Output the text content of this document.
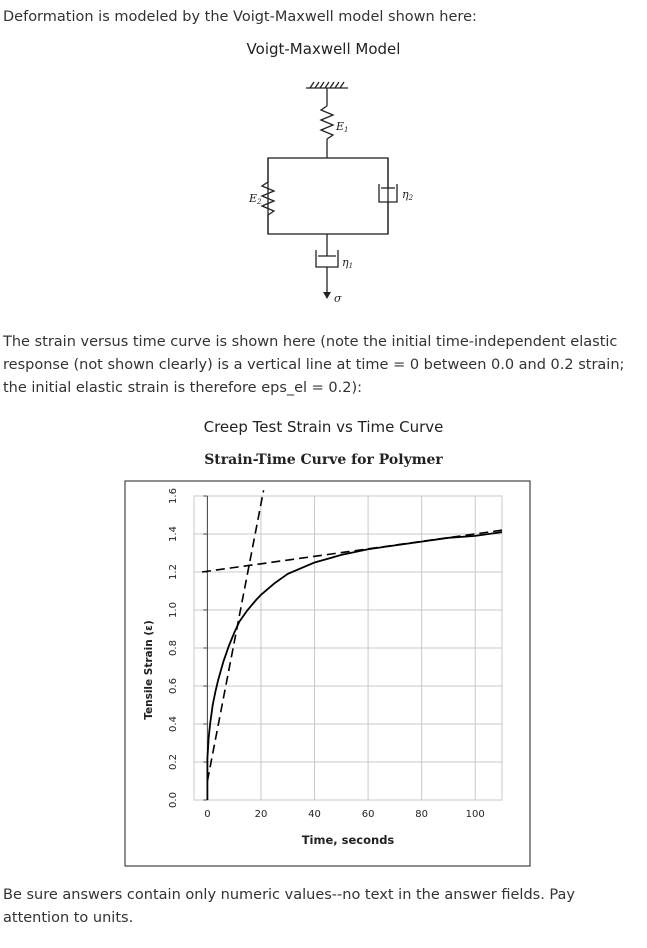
Deformation is modeled by the Voigt-Maxwell model shown here:

Voigt-Maxwell Model
E1
E2
η2
η1
σ

The strain versus time curve is shown here (note the initial time-independent elastic response (not shown clearly) is a vertical line at time = 0 between 0.0 and 0.2 strain; the initial elastic strain is therefore eps_el = 0.2):

Creep Test Strain vs Time Curve
0.0
0.2
0.4
0.6
0.8
1.0
1.2
1.4
1.6
0	20	40	60	80	100
Time, seconds
Tensile Strain (ε)

Be sure answers contain only numeric values--no text in the answer fields. Pay attention to units.

Strain-Time Curve for Polymer
